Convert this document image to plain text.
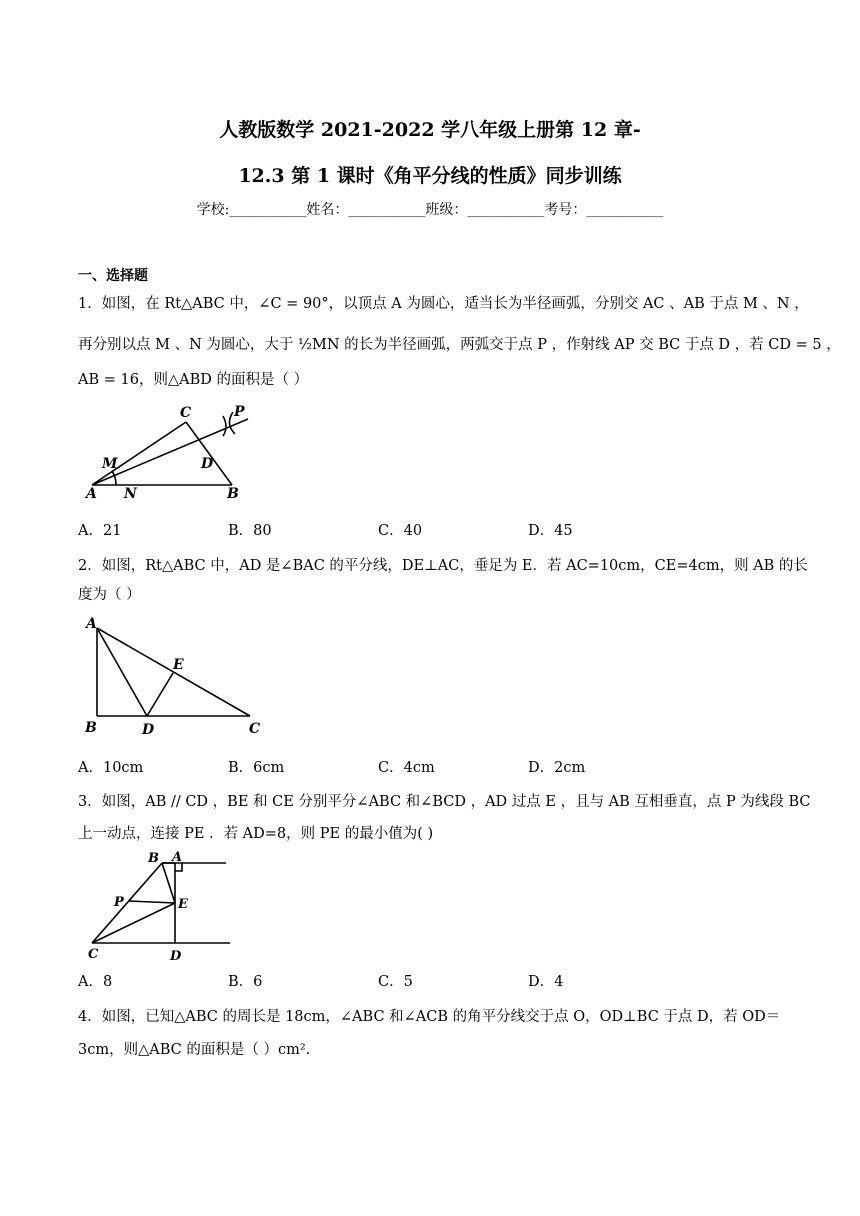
人教版数学 2021-2022 学八年级上册第 12 章-
12.3 第 1 课时《角平分线的性质》同步训练
学校:___________姓名：___________班级：___________考号：___________
一、选择题
1．如图，在 Rt△ABC 中，∠C = 90°，以顶点 A 为圆心，适当长为半径画弧，分别交 AC 、AB 于点 M 、N ，
再分别以点 M 、N 为圆心，大于 ½MN 的长为半径画弧，两弧交于点 P ，作射线 AP 交 BC 于点 D ，若 CD = 5 ，
AB = 16，则△ABD 的面积是（ ）
C	P
M	D
A N	B
A．21	B．80	C．40	D．45
2．如图，Rt△ABC 中，AD 是∠BAC 的平分线，DE⊥AC，垂足为 E．若 AC=10cm，CE=4cm，则 AB 的长
度为（ ）
A
E
B	D	C
A．10cm	B．6cm	C．4cm	D．2cm
3．如图，AB // CD ，BE 和 CE 分别平分∠ABC 和∠BCD ，AD 过点 E ，且与 AB 互相垂直，点 P 为线段 BC
上一动点，连接 PE ．若 AD=8，则 PE 的最小值为( )
B A
P	E
C	D
A．8	B．6	C．5	D．4
4．如图，已知△ABC 的周长是 18cm，∠ABC 和∠ACB 的角平分线交于点 O，OD⊥BC 于点 D，若 OD＝
3cm，则△ABC 的面积是（ ）cm².
